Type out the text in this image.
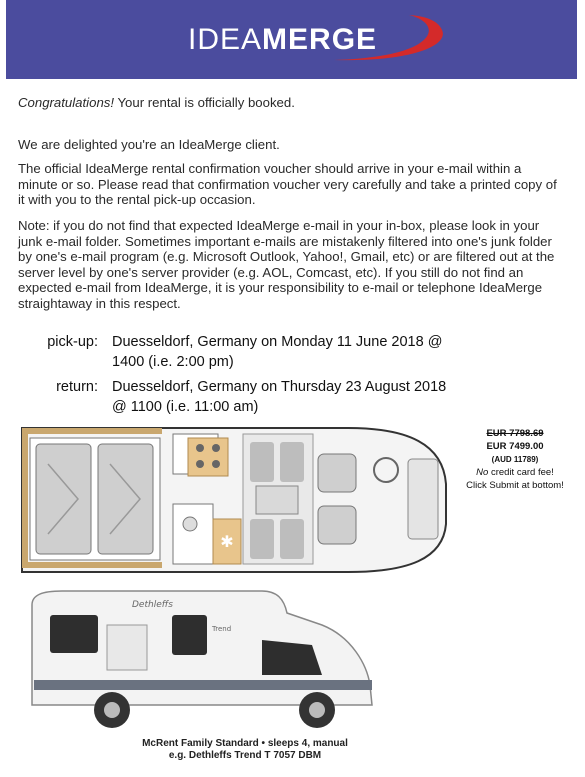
IDEAMERGE

Congratulations! Your rental is officially booked.

We are delighted you're an IdeaMerge client.

The official IdeaMerge rental confirmation voucher should arrive in your e-mail within a minute or so. Please read that confirmation voucher very carefully and take a printed copy of it with you to the rental pick-up occasion.

Note: if you do not find that expected IdeaMerge e-mail in your in-box, please look in your junk e-mail folder. Sometimes important e-mails are mistakenly filtered into one's junk folder by one's e-mail program (e.g. Microsoft Outlook, Yahoo!, Gmail, etc) or are filtered out at the server level by one's server provider (e.g. AOL, Comcast, etc). If you still do not find an expected e-mail from IdeaMerge, it is your responsibility to e-mail or telephone IdeaMerge straightaway in this respect.

pick-up: Duesseldorf, Germany on Monday 11 June 2018 @ 1400 (i.e. 2:00 pm)
return: Duesseldorf, Germany on Thursday 23 August 2018 @ 1100 (i.e. 11:00 am)
✱
EUR 7798.69
EUR 7499.00
(AUD 11789)
No credit card fee!
Click Submit at bottom!
Dethleffs
Trend
McRent Family Standard • sleeps 4, manual
e.g. Dethleffs Trend T 7057 DBM
